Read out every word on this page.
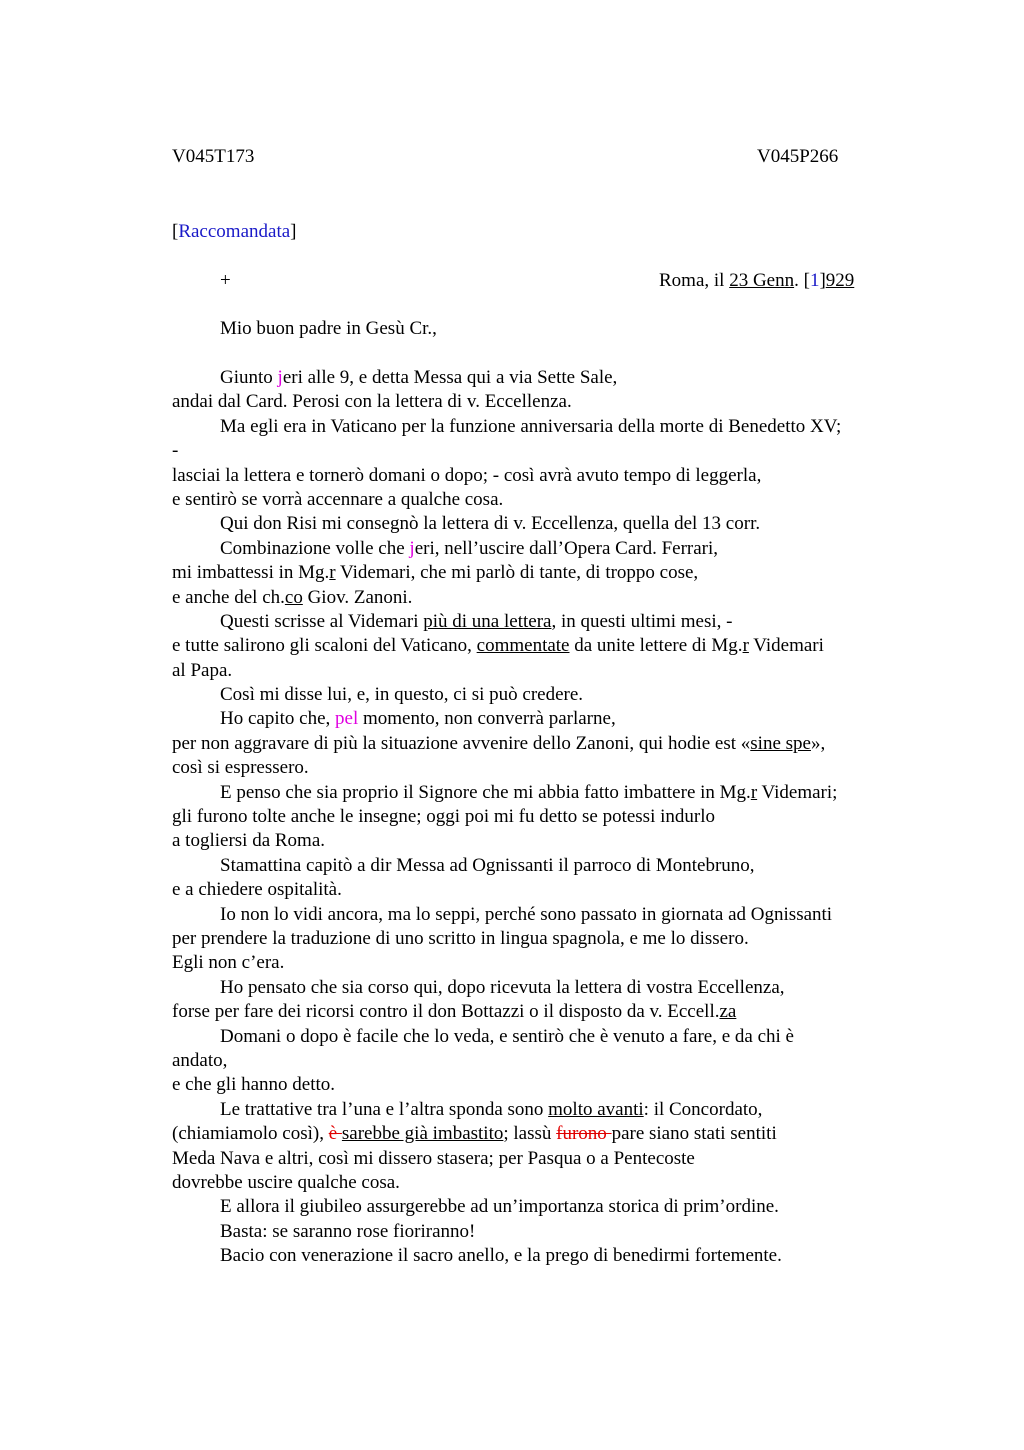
V045T173	V045P266
[Raccomandata]
+	Roma, il 23 Genn. [1]929
Mio buon padre in Gesù Cr.,
Giunto jeri alle 9, e detta Messa qui a via Sette Sale,
andai dal Card. Perosi con la lettera di v. Eccellenza.
Ma egli era in Vaticano per la funzione anniversaria della morte di Benedetto XV;
-
lasciai la lettera e tornerò domani o dopo; - così avrà avuto tempo di leggerla,
e sentirò se vorrà accennare a qualche cosa.
Qui don Risi mi consegnò la lettera di v. Eccellenza, quella del 13 corr.
Combinazione volle che jeri, nell’uscire dall’Opera Card. Ferrari,
mi imbattessi in Mg.r Videmari, che mi parlò di tante, di troppo cose,
e anche del ch.co Giov. Zanoni.
Questi scrisse al Videmari più di una lettera, in questi ultimi mesi, -
e tutte salirono gli scaloni del Vaticano, commentate da unite lettere di Mg.r Videmari
al Papa.
Così mi disse lui, e, in questo, ci si può credere.
Ho capito che, pel momento, non converrà parlarne,
per non aggravare di più la situazione avvenire dello Zanoni, qui hodie est «sine spe»,
così si espressero.
E penso che sia proprio il Signore che mi abbia fatto imbattere in Mg.r Videmari;
gli furono tolte anche le insegne; oggi poi mi fu detto se potessi indurlo
a togliersi da Roma.
Stamattina capitò a dir Messa ad Ognissanti il parroco di Montebruno,
e a chiedere ospitalità.
Io non lo vidi ancora, ma lo seppi, perché sono passato in giornata ad Ognissanti
per prendere la traduzione di uno scritto in lingua spagnola, e me lo dissero.
Egli non c’era.
Ho pensato che sia corso qui, dopo ricevuta la lettera di vostra Eccellenza,
forse per fare dei ricorsi contro il don Bottazzi o il disposto da v. Eccell.za
Domani o dopo è facile che lo veda, e sentirò che è venuto a fare, e da chi è
andato,
e che gli hanno detto.
Le trattative tra l’una e l’altra sponda sono molto avanti: il Concordato,
(chiamiamolo così), è sarebbe già imbastito; lassù furono pare siano stati sentiti
Meda Nava e altri, così mi dissero stasera; per Pasqua o a Pentecoste
dovrebbe uscire qualche cosa.
E allora il giubileo assurgerebbe ad un’importanza storica di prim’ordine.
Basta: se saranno rose fioriranno!
Bacio con venerazione il sacro anello, e la prego di benedirmi fortemente.
